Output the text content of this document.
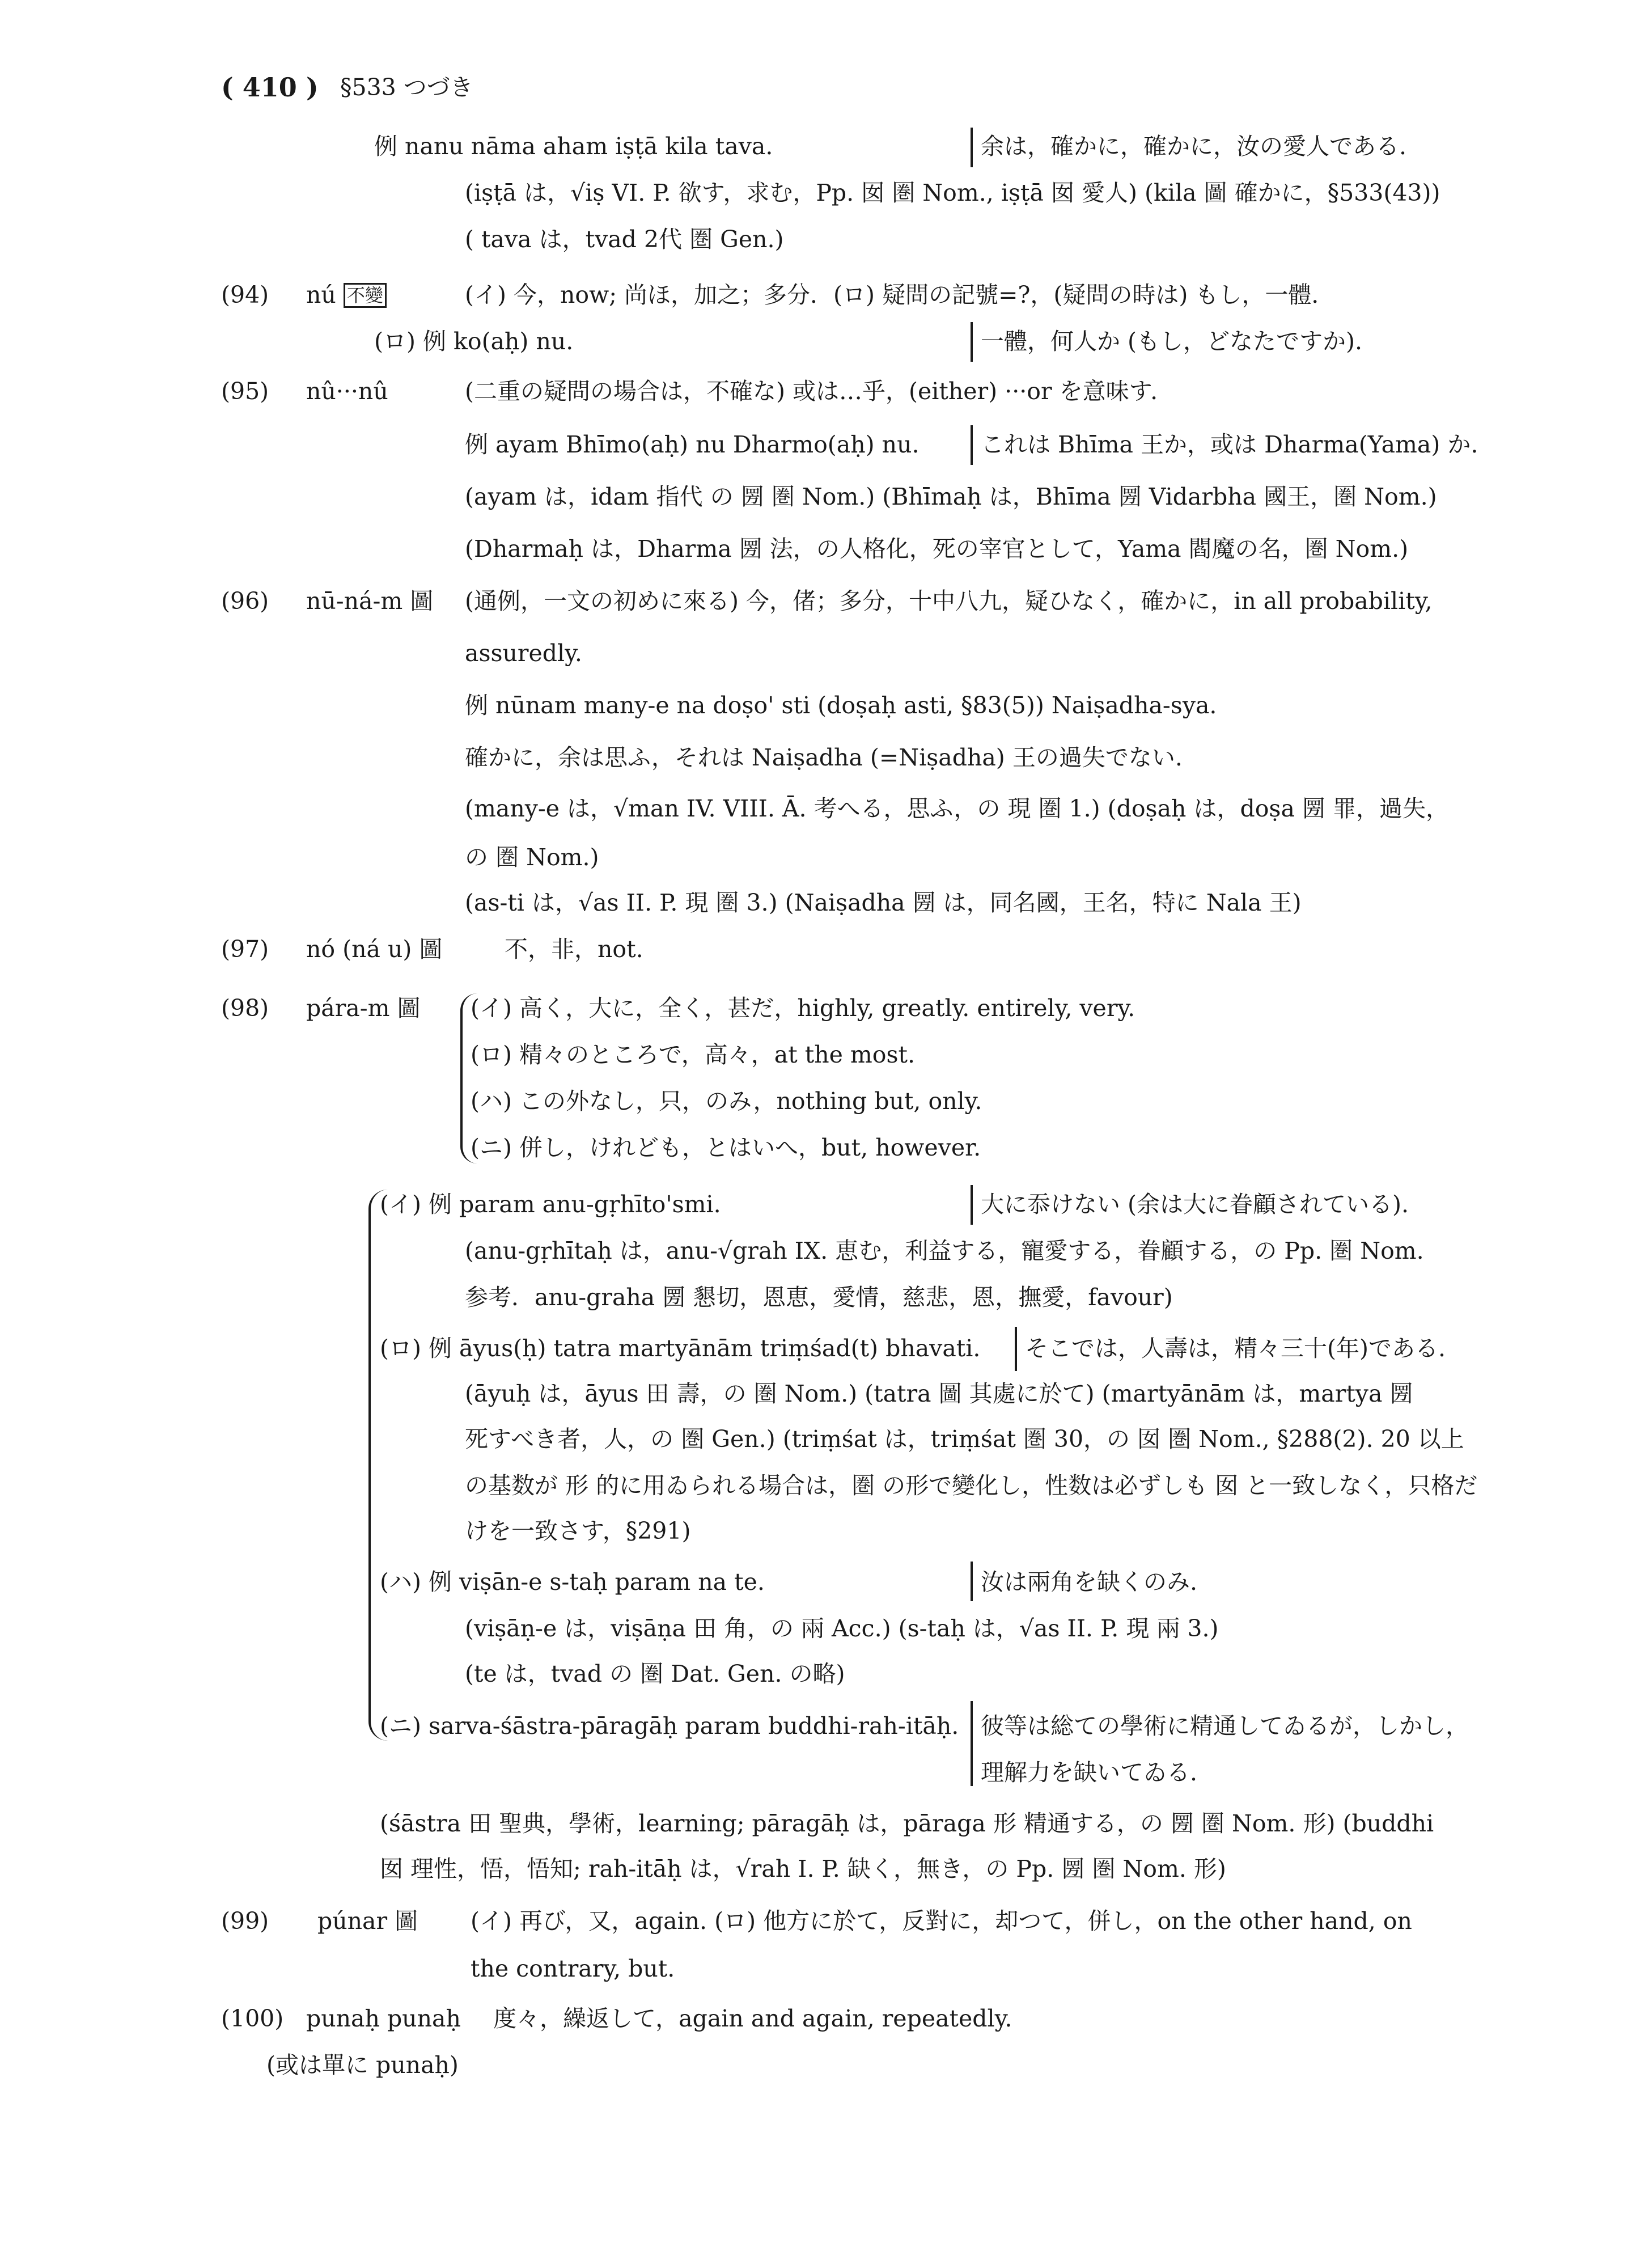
( 410 ) §533 つづき
例 nanu nāma aham iṣṭā kila tava.	余は，確かに，確かに，汝の愛人である.
(iṣṭā は，√iṣ VI. P. 欲す，求む，Pp. 囡 圏 Nom., iṣṭā 囡 愛人) (kila 圖 確かに，§533(43))
( tava は，tvad 2代 圏 Gen.)
(94) nú 不變	(イ) 今，now; 尚ほ，加之；多分．(ロ) 疑問の記號=?，(疑問の時は) もし，一體．
(ロ) 例 ko(aḥ) nu.	一體，何人か (もし，どなたですか).
(95) nû···nû	(二重の疑問の場合は，不確な) 或は…乎，(either) ···or を意味す．
例 ayam Bhīmo(aḥ) nu Dharmo(aḥ) nu.	これは Bhīma 王か，或は Dharma(Yama) か.
(ayam は，idam 指代 の 圐 圏 Nom.) (Bhīmaḥ は，Bhīma 圐 Vidarbha 國王，圏 Nom.)
(Dharmaḥ は，Dharma 圐 法，の人格化，死の宰官として，Yama 閻魔の名，圏 Nom.)
(96) nū-ná-m 圖 (通例，一文の初めに來る) 今，偖；多分，十中八九，疑ひなく，確かに，in all probability,
assuredly.
例 nūnam many-e na doṣo' sti (doṣaḥ asti, §83(5)) Naiṣadha-sya.
確かに，余は思ふ，それは Naiṣadha (=Niṣadha) 王の過失でない.
(many-e は，√man IV. VIII. Ā. 考へる，思ふ，の 現 圏 1.) (doṣaḥ は，doṣa 圐 罪，過失，
の 圏 Nom.)
(as-ti は，√as II. P. 現 圏 3.) (Naiṣadha 圐 は，同名國，王名，特に Nala 王)
(97) nó (ná u) 圖	不，非，not.
(98) pára-m 圖 (イ) 高く，大に，全く，甚だ，highly, greatly. entirely, very.
(ロ) 精々のところで，高々，at the most.
(ハ) この外なし，只，のみ，nothing but, only.
(ニ) 併し，けれども，とはいへ，but, however.
(イ) 例 param anu-gṛhīto'smi.	大に忝けない (余は大に眷顧されている).
(anu-gṛhītaḥ は，anu-√grah IX. 恵む，利益する，寵愛する，眷顧する，の Pp. 圏 Nom.
参考．anu-graha 圐 懇切，恩恵，愛情，慈悲，恩，撫愛，favour)
(ロ) 例 āyus(ḥ) tatra martyānām triṃśad(t) bhavati. そこでは，人壽は，精々三十(年)である.
(āyuḥ は，āyus 田 壽，の 圏 Nom.) (tatra 圖 其處に於て) (martyānām は，martya 圐
死すべき者，人，の 圏 Gen.) (triṃśat は，triṃśat 圏 30，の 囡 圏 Nom., §288(2). 20 以上
の基数が 形 的に用ゐられる場合は，圏 の形で變化し，性数は必ずしも 囡 と一致しなく，只格だ
けを一致さす，§291)
(ハ) 例 viṣān-e s-taḥ param na te.	汝は兩角を缺くのみ.
(viṣāṇ-e は，viṣāṇa 田 角，の 兩 Acc.) (s-taḥ は，√as II. P. 現 兩 3.)
(te は，tvad の 圏 Dat. Gen. の略)
(ニ) sarva-śāstra-pāragāḥ param buddhi-rah-itāḥ. 彼等は総ての學術に精通してゐるが，しかし，
理解力を缺いてゐる.
(śāstra 田 聖典，學術，learning; pāragāḥ は，pāraga 形 精通する，の 圐 圏 Nom. 形) (buddhi
囡 理性，悟，悟知; rah-itāḥ は，√rah I. P. 缺く，無き，の Pp. 圐 圏 Nom. 形)
(99) púnar 圖 (イ) 再び，又，again. (ロ) 他方に於て，反對に，却つて，併し，on the other hand, on
the contrary, but.
(100) punaḥ punaḥ 度々，繰返して，again and again, repeatedly.
(或は單に punaḥ)
